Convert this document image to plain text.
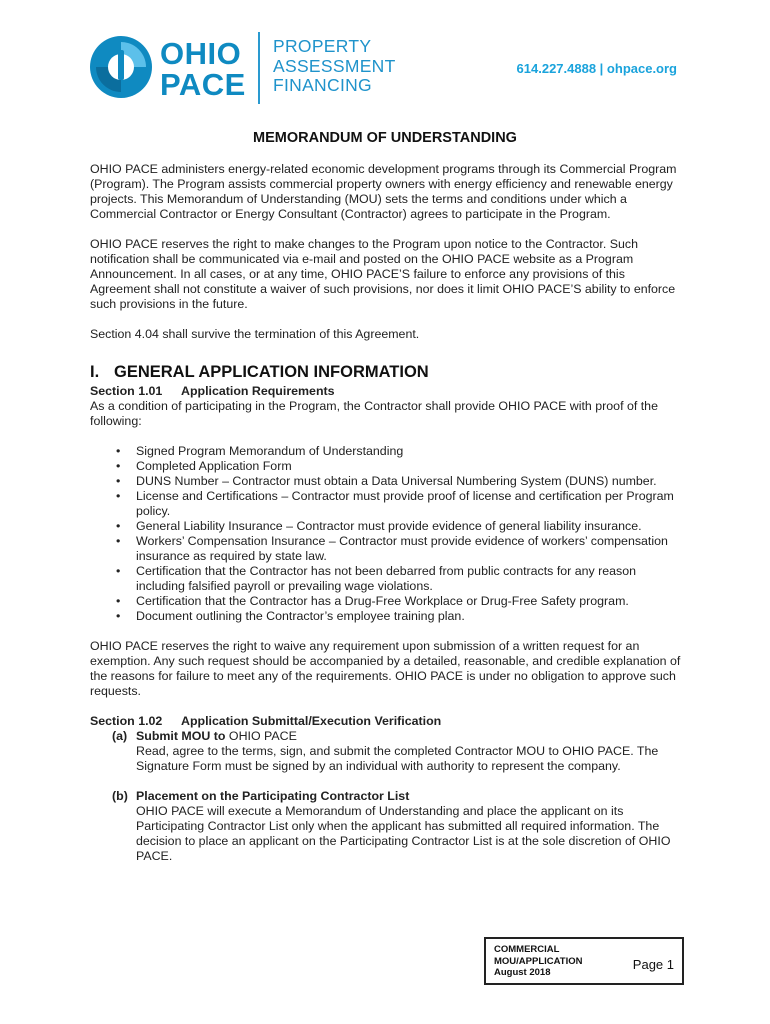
OHIO
PACE
PROPERTY
ASSESSMENT
FINANCING
614.227.4888 | ohpace.org
MEMORANDUM OF UNDERSTANDING

OHIO PACE administers energy-related economic development programs through its Commercial Program (Program). The Program assists commercial property owners with energy efficiency and renewable energy projects. This Memorandum of Understanding (MOU) sets the terms and conditions under which a Commercial Contractor or Energy Consultant (Contractor) agrees to participate in the Program.

OHIO PACE reserves the right to make changes to the Program upon notice to the Contractor. Such notification shall be communicated via e-mail and posted on the OHIO PACE website as a Program Announcement. In all cases, or at any time, OHIO PACE’S failure to enforce any provisions of this Agreement shall not constitute a waiver of such provisions, nor does it limit OHIO PACE’S ability to enforce such provisions in the future.

Section 4.04 shall survive the termination of this Agreement.

I. GENERAL APPLICATION INFORMATION
Section 1.01 Application Requirements
As a condition of participating in the Program, the Contractor shall provide OHIO PACE with proof of the following:
• Signed Program Memorandum of Understanding
• Completed Application Form
• DUNS Number – Contractor must obtain a Data Universal Numbering System (DUNS) number.
• License and Certifications – Contractor must provide proof of license and certification per Program policy.
• General Liability Insurance – Contractor must provide evidence of general liability insurance.
• Workers’ Compensation Insurance – Contractor must provide evidence of workers’ compensation insurance as required by state law.
• Certification that the Contractor has not been debarred from public contracts for any reason including falsified payroll or prevailing wage violations.
• Certification that the Contractor has a Drug-Free Workplace or Drug-Free Safety program.
• Document outlining the Contractor’s employee training plan.

OHIO PACE reserves the right to waive any requirement upon submission of a written request for an exemption. Any such request should be accompanied by a detailed, reasonable, and credible explanation of the reasons for failure to meet any of the requirements. OHIO PACE is under no obligation to approve such requests.

Section 1.02 Application Submittal/Execution Verification
(a) Submit MOU to OHIO PACE
Read, agree to the terms, sign, and submit the completed Contractor MOU to OHIO PACE. The Signature Form must be signed by an individual with authority to represent the company.
(b) Placement on the Participating Contractor List
OHIO PACE will execute a Memorandum of Understanding and place the applicant on its Participating Contractor List only when the applicant has submitted all required information. The decision to place an applicant on the Participating Contractor List is at the sole discretion of OHIO PACE.
COMMERCIAL
MOU/APPLICATION
August 2018
Page 1
